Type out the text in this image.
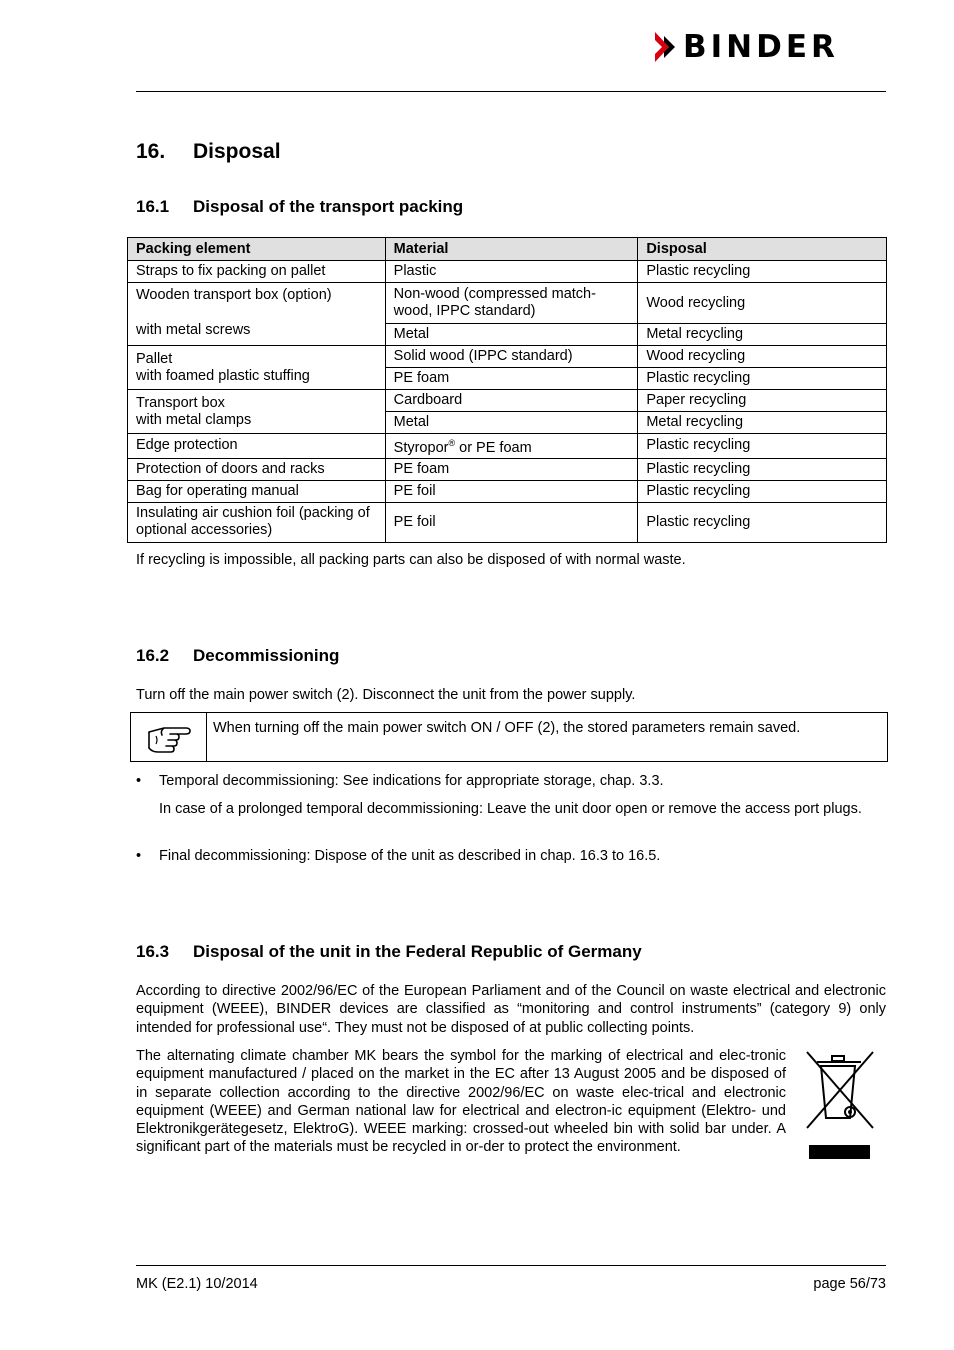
BINDER
16. Disposal
16.1 Disposal of the transport packing
Packing element	Material	Disposal
Straps to fix packing on pallet	Plastic	Plastic recycling

Wooden transport box (option)
with metal screws	Non-wood (compressed match-wood, IPPC standard)	Wood recycling
	Metal	Metal recycling

Pallet
with foamed plastic stuffing	Solid wood (IPPC standard)	Wood recycling
	PE foam	Plastic recycling

Transport box
with metal clamps	Cardboard	Paper recycling
	Metal	Metal recycling
Edge protection	Styropor® or PE foam	Plastic recycling
Protection of doors and racks	PE foam	Plastic recycling
Bag for operating manual	PE foil	Plastic recycling
Insulating air cushion foil (packing of optional accessories)	PE foil	Plastic recycling

If recycling is impossible, all packing parts can also be disposed of with normal waste.

16.2 Decommissioning

Turn off the main power switch (2). Disconnect the unit from the power supply.

When turning off the main power switch ON / OFF (2), the stored parameters remain saved.
• Temporal decommissioning: See indications for appropriate storage, chap. 3.3.
In case of a prolonged temporal decommissioning: Leave the unit door open or remove the access port plugs.
• Final decommissioning: Dispose of the unit as described in chap. 16.3 to 16.5.
16.3 Disposal of the unit in the Federal Republic of Germany

According to directive 2002/96/EC of the European Parliament and of the Council on waste electrical and electronic equipment (WEEE), BINDER devices are classified as “monitoring and control instruments” (category 9) only intended for professional use“. They must not be disposed of at public collecting points.

The alternating climate chamber MK bears the symbol for the marking of electrical and elec-tronic equipment manufactured / placed on the market in the EC after 13 August 2005 and be disposed of in separate collection according to the directive 2002/96/EC on waste elec-trical and electronic equipment (WEEE) and German national law for electrical and electron-ic equipment (Elektro- und Elektronikgerätegesetz, ElektroG). WEEE marking: crossed-out wheeled bin with solid bar under. A significant part of the materials must be recycled in or-der to protect the environment.

MK (E2.1) 10/2014	page 56/73
